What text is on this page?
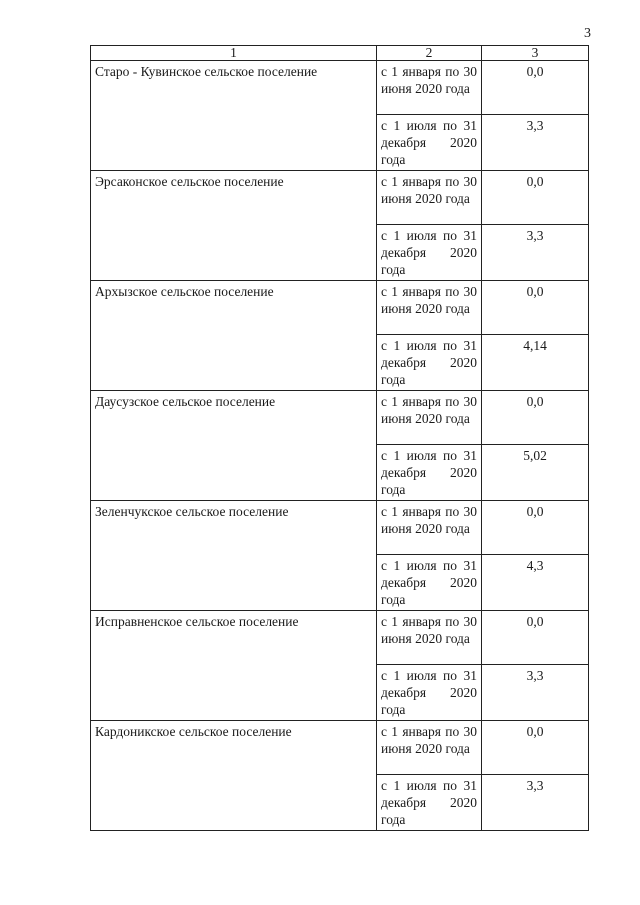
3
1	2	3
Старо - Кувинское сельское поселение	с 1 января по 30 июня 2020 года	0,0
	с 1 июля по 31 декабря 2020 года	3,3
Эрсаконское сельское поселение	с 1 января по 30 июня 2020 года	0,0
	с 1 июля по 31 декабря 2020 года	3,3
Архызское сельское поселение	с 1 января по 30 июня 2020 года	0,0
	с 1 июля по 31 декабря 2020 года	4,14
Даусузское сельское поселение	с 1 января по 30 июня 2020 года	0,0
	с 1 июля по 31 декабря 2020 года	5,02
Зеленчукское сельское поселение	с 1 января по 30 июня 2020 года	0,0
	с 1 июля по 31 декабря 2020 года	4,3
Исправненское сельское поселение	с 1 января по 30 июня 2020 года	0,0
	с 1 июля по 31 декабря 2020 года	3,3
Кардоникское сельское поселение	с 1 января по 30 июня 2020 года	0,0
	с 1 июля по 31 декабря 2020 года	3,3
